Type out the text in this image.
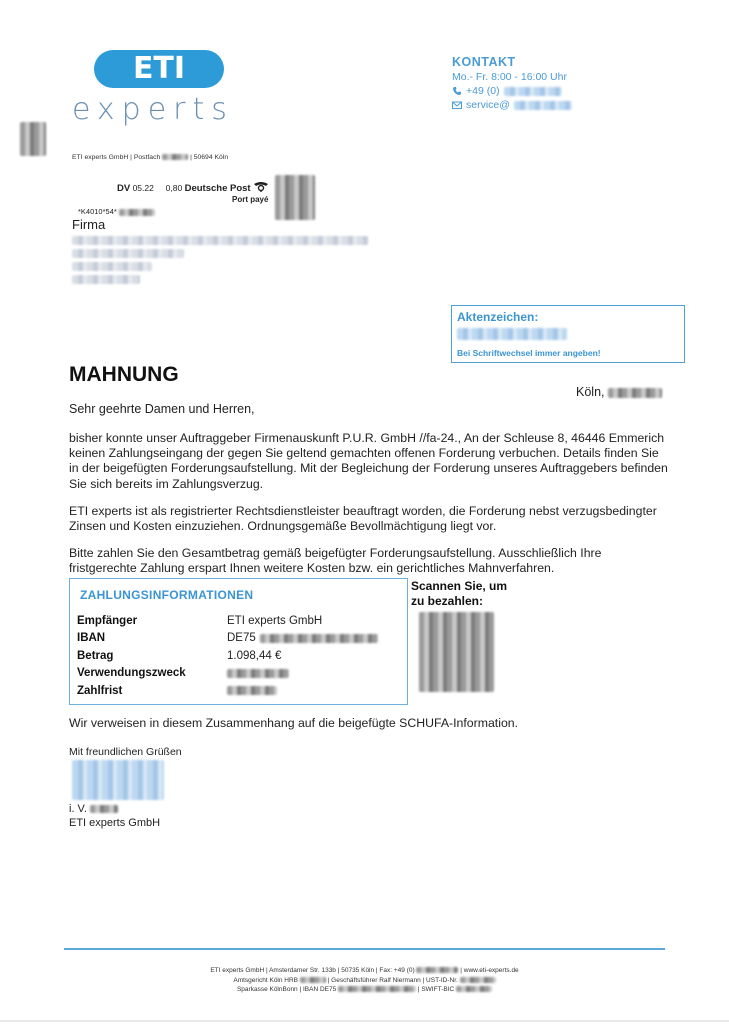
ETI
experts
KONTAKT
Mo.- Fr. 8:00 - 16:00 Uhr
+49 (0)
service@
ETI experts GmbH | Postfach	| 50694 Köln
DV 05.22 0,80 Deutsche Post
Port payé
*K4010*54*
Firma
Aktenzeichen:
Bei Schriftwechsel immer angeben!
MAHNUNG
Köln,
Sehr geehrte Damen und Herren,
bisher konnte unser Auftraggeber Firmenauskunft P.U.R. GmbH //fa-24., An der Schleuse 8, 46446 Emmerich keinen Zahlungseingang der gegen Sie geltend gemachten offenen Forderung verbuchen. Details finden Sie in der beigefügten Forderungsaufstellung. Mit der Begleichung der Forderung unseres Auftraggebers befinden Sie sich bereits im Zahlungsverzug.
ETI experts ist als registrierter Rechtsdienstleister beauftragt worden, die Forderung nebst verzugsbedingter Zinsen und Kosten einzuziehen. Ordnungsgemäße Bevollmächtigung liegt vor.
Bitte zahlen Sie den Gesamtbetrag gemäß beigefügter Forderungsaufstellung. Ausschließlich Ihre fristgerechte Zahlung erspart Ihnen weitere Kosten bzw. ein gerichtliches Mahnverfahren.
ZAHLUNGSINFORMATIONEN
Empfänger	ETI experts GmbH
IBAN	DE75
Betrag	1.098,44 €
Verwendungszweck
Zahlfrist
Scannen Sie, um
zu bezahlen:
Wir verweisen in diesem Zusammenhang auf die beigefügte SCHUFA-Information.
Mit freundlichen Grüßen
i. V.
ETI experts GmbH
ETI experts GmbH | Amsterdamer Str. 133b | 50735 Köln | Fax: +49 (0)	| www.eti-experts.de
Amtsgericht Köln HRB	| Geschäftsführer Ralf Niermann | UST-ID-Nr.
Sparkasse KölnBonn | IBAN DE75	| SWIFT-BIC
